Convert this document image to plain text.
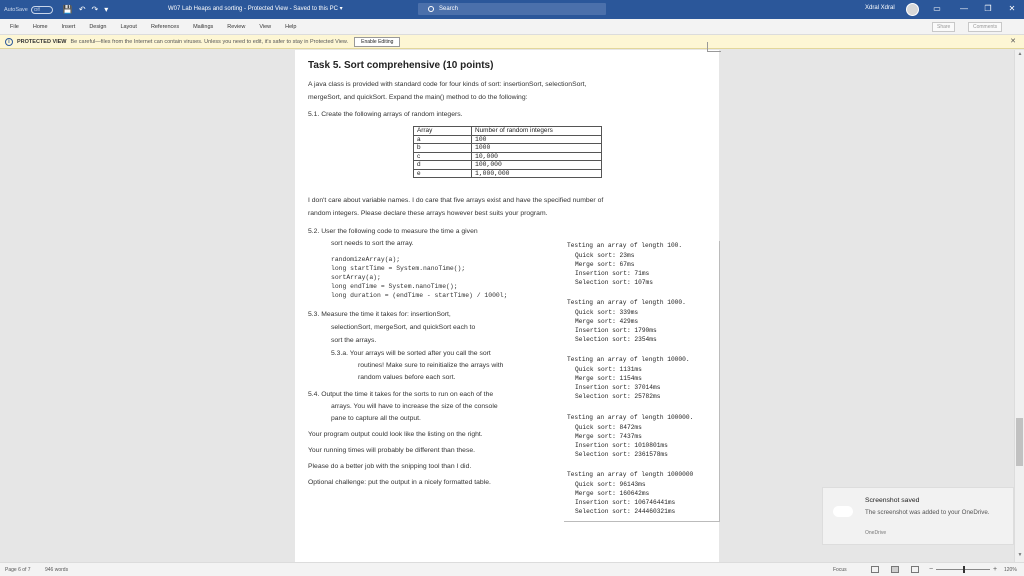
AutoSave Off	💾 ↶ ↷ ▾	W07 Lab Heaps and sorting - Protected View - Saved to this PC ▾	Search	Xdral Xdral	▭	—	❐	✕
File	Home	Insert	Design	Layout	References	Mailings	Review	View	Help	Share	Comments
i	PROTECTED VIEW Be careful—files from the Internet can contain viruses. Unless you need to edit, it's safer to stay in Protected View.	Enable Editing	✕
Task 5. Sort comprehensive (10 points)
A java class is provided with standard code for four kinds of sort: insertionSort, selectionSort,
mergeSort, and quickSort. Expand the main() method to do the following:
5.1. Create the following arrays of random integers.
Array	Number of random integers
a	100
b	1000
c	10,000
d	100,000
e	1,000,000
I don't care about variable names. I do care that five arrays exist and have the specified number of
random integers. Please declare these arrays however best suits your program.
5.2. User the following code to measure the time a given
sort needs to sort the array.
randomizeArray(a);
long startTime = System.nanoTime();
sortArray(a);
long endTime = System.nanoTime();
long duration = (endTime - startTime) / 1000l;
5.3. Measure the time it takes for: insertionSort,
selectionSort, mergeSort, and quickSort each to
sort the arrays.
5.3.a. Your arrays will be sorted after you call the sort
routines! Make sure to reinitialize the arrays with
random values before each sort.
5.4. Output the time it takes for the sorts to run on each of the
arrays. You will have to increase the size of the console
pane to capture all the output.
Your program output could look like the listing on the right.
Your running times will probably be different than these.
Please do a better job with the snipping tool than I did.
Optional challenge: put the output in a nicely formatted table.
Testing an array of length 100.
Quick sort: 23ms
Merge sort: 67ms
Insertion sort: 71ms
Selection sort: 107ms
Testing an array of length 1000.
Quick sort: 339ms
Merge sort: 429ms
Insertion sort: 1790ms
Selection sort: 2354ms
Testing an array of length 10000.
Quick sort: 1131ms
Merge sort: 1154ms
Insertion sort: 37014ms
Selection sort: 25782ms
Testing an array of length 100000.
Quick sort: 8472ms
Merge sort: 7437ms
Insertion sort: 1010801ms
Selection sort: 2361578ms
Testing an array of length 1000000
Quick sort: 96143ms
Merge sort: 160642ms
Insertion sort: 106746441ms
Selection sort: 244460321ms
▲
▼
Screenshot saved
The screenshot was added to your OneDrive.
OneDrive
Page 6 of 7	946 words	Focus	−	+ 120%
